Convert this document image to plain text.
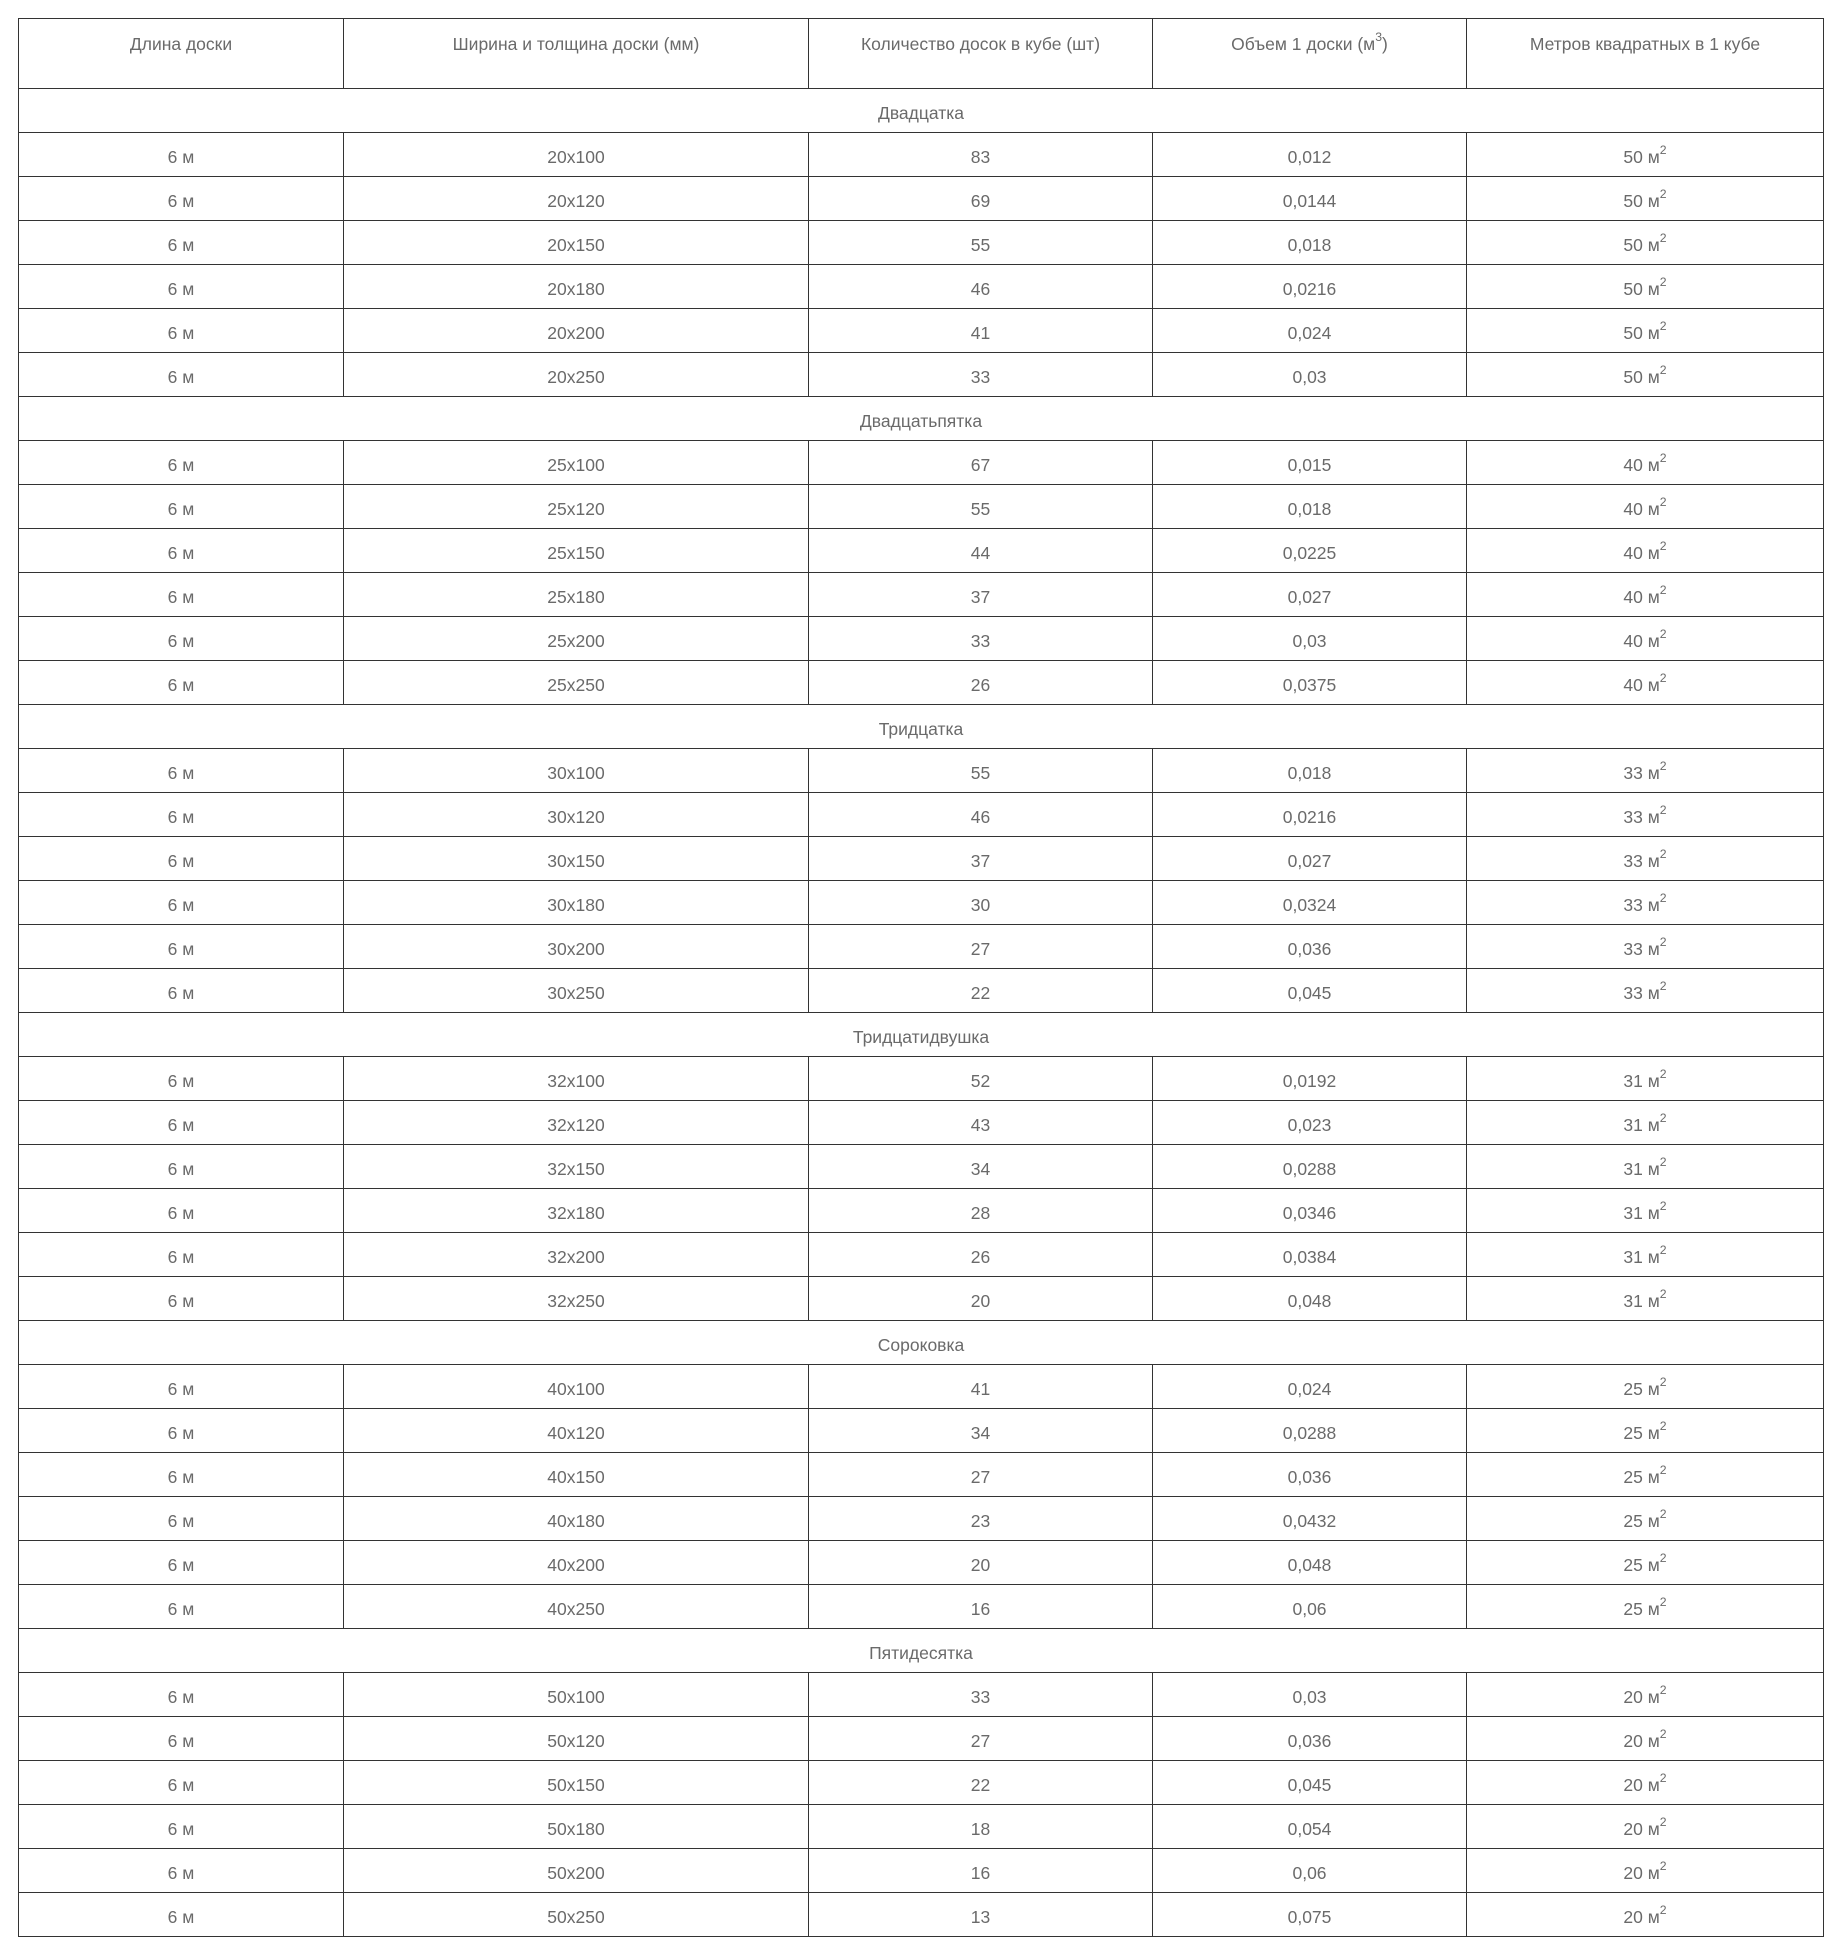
Длина доски	Ширина и толщина доски (мм)	Количество досок в кубе (шт)	Объем 1 доски $(м^3)$	Метров квадратных в 1 кубе
Двадцатка				
6 м	20х100	83	0,012	50 $м^2$
6 м	20х120	69	0,0144	50 $м^2$
6 м	20х150	55	0,018	50 $м^2$
6 м	20х180	46	0,0216	50 $м^2$
6 м	20х200	41	0,024	50 $м^2$
6 м	20х250	33	0,03	50 $м^2$
Двадцатьпятка				
6 м	25х100	67	0,015	40 $м^2$
6 м	25х120	55	0,018	40 $м^2$
6 м	25х150	44	0,0225	40 $м^2$
6 м	25х180	37	0,027	40 $м^2$
6 м	25х200	33	0,03	40 $м^2$
6 м	25х250	26	0,0375	40 $м^2$
Тридцатка				
6 м	30х100	55	0,018	33 $м^2$
6 м	30х120	46	0,0216	33 $м^2$
6 м	30х150	37	0,027	33 $м^2$
6 м	30х180	30	0,0324	33 $м^2$
6 м	30х200	27	0,036	33 $м^2$
6 м	30х250	22	0,045	33 $м^2$
Тридцатидвушка				
6 м	32х100	52	0,0192	31 $м^2$
6 м	32х120	43	0,023	31 $м^2$
6 м	32х150	34	0,0288	31 $м^2$
6 м	32х180	28	0,0346	31 $м^2$
6 м	32х200	26	0,0384	31 $м^2$
6 м	32х250	20	0,048	31 $м^2$
Сороковка				
6 м	40х100	41	0,024	25 $м^2$
6 м	40х120	34	0,0288	25 $м^2$
6 м	40х150	27	0,036	25 $м^2$
6 м	40х180	23	0,0432	25 $м^2$
6 м	40х200	20	0,048	25 $м^2$
6 м	40х250	16	0,06	25 $м^2$
Пятидесятка				
6 м	50х100	33	0,03	20 $м^2$
6 м	50х120	27	0,036	20 $м^2$
6 м	50х150	22	0,045	20 $м^2$
6 м	50х180	18	0,054	20 $м^2$
6 м	50х200	16	0,06	20 $м^2$
6 м	50х250	13	0,075	20 $м^2$
